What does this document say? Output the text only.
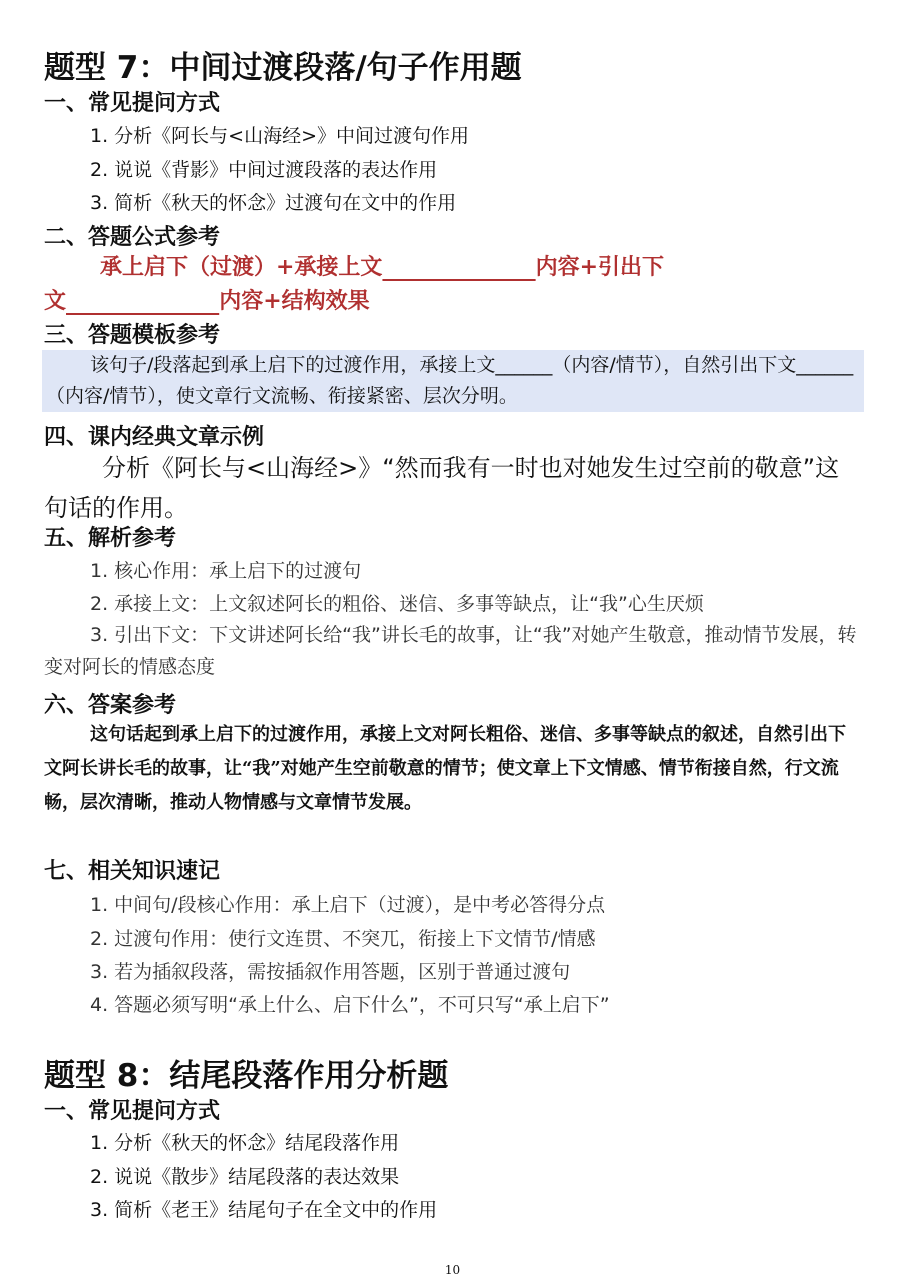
题型 7：中间过渡段落/句子作用题
一、常见提问方式
1. 分析《阿长与<山海经>》中间过渡句作用
2. 说说《背影》中间过渡段落的表达作用
3. 简析《秋天的怀念》过渡句在文中的作用
二、答题公式参考
承上启下（过渡）+承接上文	内容+引出下文	内容+结构效果
三、答题模板参考
该句子/段落起到承上启下的过渡作用，承接上文______（内容/情节），自然引出下文______（内容/情节），使文章行文流畅、衔接紧密、层次分明。
四、课内经典文章示例
分析《阿长与<山海经>》“然而我有一时也对她发生过空前的敬意”这句话的作用。
五、解析参考
1. 核心作用：承上启下的过渡句
2. 承接上文：上文叙述阿长的粗俗、迷信、多事等缺点，让“我”心生厌烦
3. 引出下文：下文讲述阿长给“我”讲长毛的故事，让“我”对她产生敬意，推动情节发展，转变对阿长的情感态度
六、答案参考
这句话起到承上启下的过渡作用，承接上文对阿长粗俗、迷信、多事等缺点的叙述，自然引出下文阿长讲长毛的故事，让“我”对她产生空前敬意的情节；使文章上下文情感、情节衔接自然，行文流畅，层次清晰，推动人物情感与文章情节发展。
七、相关知识速记
1. 中间句/段核心作用：承上启下（过渡），是中考必答得分点
2. 过渡句作用：使行文连贯、不突兀，衔接上下文情节/情感
3. 若为插叙段落，需按插叙作用答题，区别于普通过渡句
4. 答题必须写明“承上什么、启下什么”，不可只写“承上启下”
题型 8：结尾段落作用分析题
一、常见提问方式
1. 分析《秋天的怀念》结尾段落作用
2. 说说《散步》结尾段落的表达效果
3. 简析《老王》结尾句子在全文中的作用
10
